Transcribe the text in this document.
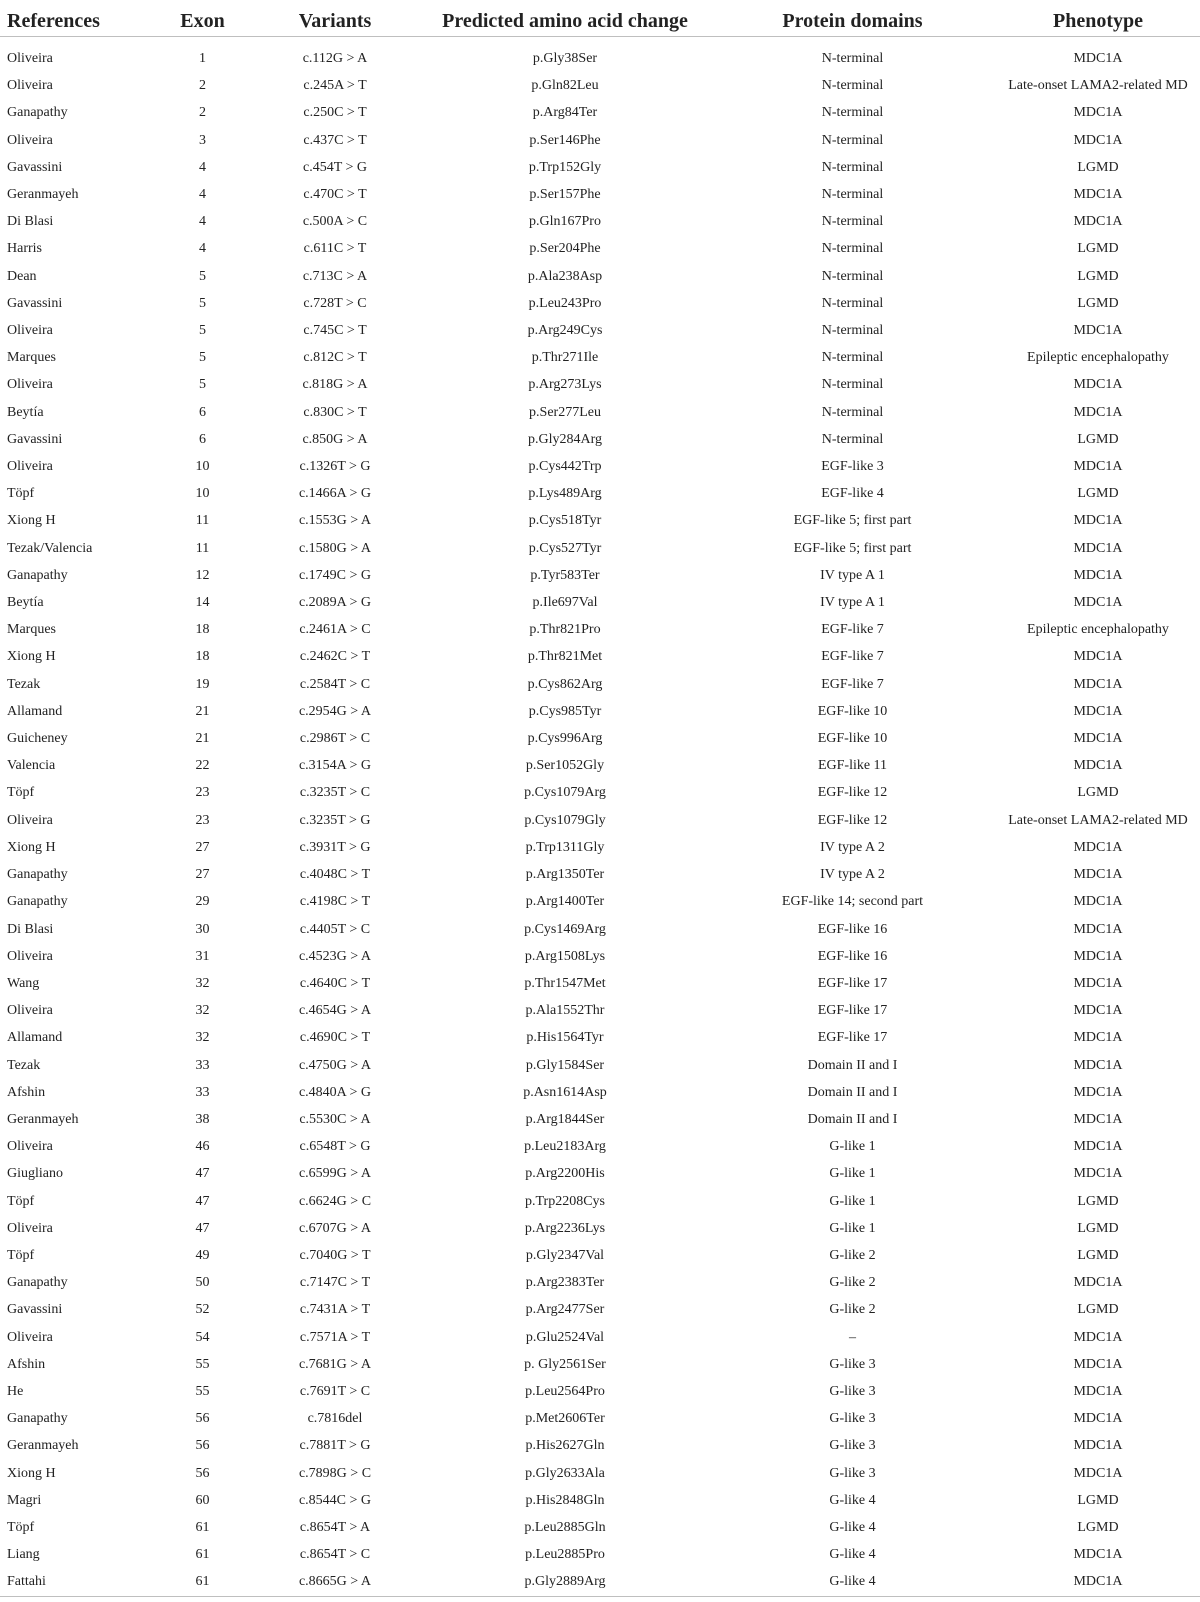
References	Exon	Variants	Predicted amino acid change	Protein domains	Phenotype
Oliveira	1	c.112G > A	p.Gly38Ser	N-terminal	MDC1A
Oliveira	2	c.245A > T	p.Gln82Leu	N-terminal	Late-onset LAMA2-related MD
Ganapathy	2	c.250C > T	p.Arg84Ter	N-terminal	MDC1A
Oliveira	3	c.437C > T	p.Ser146Phe	N-terminal	MDC1A
Gavassini	4	c.454T > G	p.Trp152Gly	N-terminal	LGMD
Geranmayeh	4	c.470C > T	p.Ser157Phe	N-terminal	MDC1A
Di Blasi	4	c.500A > C	p.Gln167Pro	N-terminal	MDC1A
Harris	4	c.611C > T	p.Ser204Phe	N-terminal	LGMD
Dean	5	c.713C > A	p.Ala238Asp	N-terminal	LGMD
Gavassini	5	c.728T > C	p.Leu243Pro	N-terminal	LGMD
Oliveira	5	c.745C > T	p.Arg249Cys	N-terminal	MDC1A
Marques	5	c.812C > T	p.Thr271Ile	N-terminal	Epileptic encephalopathy
Oliveira	5	c.818G > A	p.Arg273Lys	N-terminal	MDC1A
Beytía	6	c.830C > T	p.Ser277Leu	N-terminal	MDC1A
Gavassini	6	c.850G > A	p.Gly284Arg	N-terminal	LGMD
Oliveira	10	c.1326T > G	p.Cys442Trp	EGF-like 3	MDC1A
Töpf	10	c.1466A > G	p.Lys489Arg	EGF-like 4	LGMD
Xiong H	11	c.1553G > A	p.Cys518Tyr	EGF-like 5; first part	MDC1A
Tezak/Valencia	11	c.1580G > A	p.Cys527Tyr	EGF-like 5; first part	MDC1A
Ganapathy	12	c.1749C > G	p.Tyr583Ter	IV type A 1	MDC1A
Beytía	14	c.2089A > G	p.Ile697Val	IV type A 1	MDC1A
Marques	18	c.2461A > C	p.Thr821Pro	EGF-like 7	Epileptic encephalopathy
Xiong H	18	c.2462C > T	p.Thr821Met	EGF-like 7	MDC1A
Tezak	19	c.2584T > C	p.Cys862Arg	EGF-like 7	MDC1A
Allamand	21	c.2954G > A	p.Cys985Tyr	EGF-like 10	MDC1A
Guicheney	21	c.2986T > C	p.Cys996Arg	EGF-like 10	MDC1A
Valencia	22	c.3154A > G	p.Ser1052Gly	EGF-like 11	MDC1A
Töpf	23	c.3235T > C	p.Cys1079Arg	EGF-like 12	LGMD
Oliveira	23	c.3235T > G	p.Cys1079Gly	EGF-like 12	Late-onset LAMA2-related MD
Xiong H	27	c.3931T > G	p.Trp1311Gly	IV type A 2	MDC1A
Ganapathy	27	c.4048C > T	p.Arg1350Ter	IV type A 2	MDC1A
Ganapathy	29	c.4198C > T	p.Arg1400Ter	EGF-like 14; second part	MDC1A
Di Blasi	30	c.4405T > C	p.Cys1469Arg	EGF-like 16	MDC1A
Oliveira	31	c.4523G > A	p.Arg1508Lys	EGF-like 16	MDC1A
Wang	32	c.4640C > T	p.Thr1547Met	EGF-like 17	MDC1A
Oliveira	32	c.4654G > A	p.Ala1552Thr	EGF-like 17	MDC1A
Allamand	32	c.4690C > T	p.His1564Tyr	EGF-like 17	MDC1A
Tezak	33	c.4750G > A	p.Gly1584Ser	Domain II and I	MDC1A
Afshin	33	c.4840A > G	p.Asn1614Asp	Domain II and I	MDC1A
Geranmayeh	38	c.5530C > A	p.Arg1844Ser	Domain II and I	MDC1A
Oliveira	46	c.6548T > G	p.Leu2183Arg	G-like 1	MDC1A
Giugliano	47	c.6599G > A	p.Arg2200His	G-like 1	MDC1A
Töpf	47	c.6624G > C	p.Trp2208Cys	G-like 1	LGMD
Oliveira	47	c.6707G > A	p.Arg2236Lys	G-like 1	LGMD
Töpf	49	c.7040G > T	p.Gly2347Val	G-like 2	LGMD
Ganapathy	50	c.7147C > T	p.Arg2383Ter	G-like 2	MDC1A
Gavassini	52	c.7431A > T	p.Arg2477Ser	G-like 2	LGMD
Oliveira	54	c.7571A > T	p.Glu2524Val	–	MDC1A
Afshin	55	c.7681G > A	p. Gly2561Ser	G-like 3	MDC1A
He	55	c.7691T > C	p.Leu2564Pro	G-like 3	MDC1A
Ganapathy	56	c.7816del	p.Met2606Ter	G-like 3	MDC1A
Geranmayeh	56	c.7881T > G	p.His2627Gln	G-like 3	MDC1A
Xiong H	56	c.7898G > C	p.Gly2633Ala	G-like 3	MDC1A
Magri	60	c.8544C > G	p.His2848Gln	G-like 4	LGMD
Töpf	61	c.8654T > A	p.Leu2885Gln	G-like 4	LGMD
Liang	61	c.8654T > C	p.Leu2885Pro	G-like 4	MDC1A
Fattahi	61	c.8665G > A	p.Gly2889Arg	G-like 4	MDC1A
